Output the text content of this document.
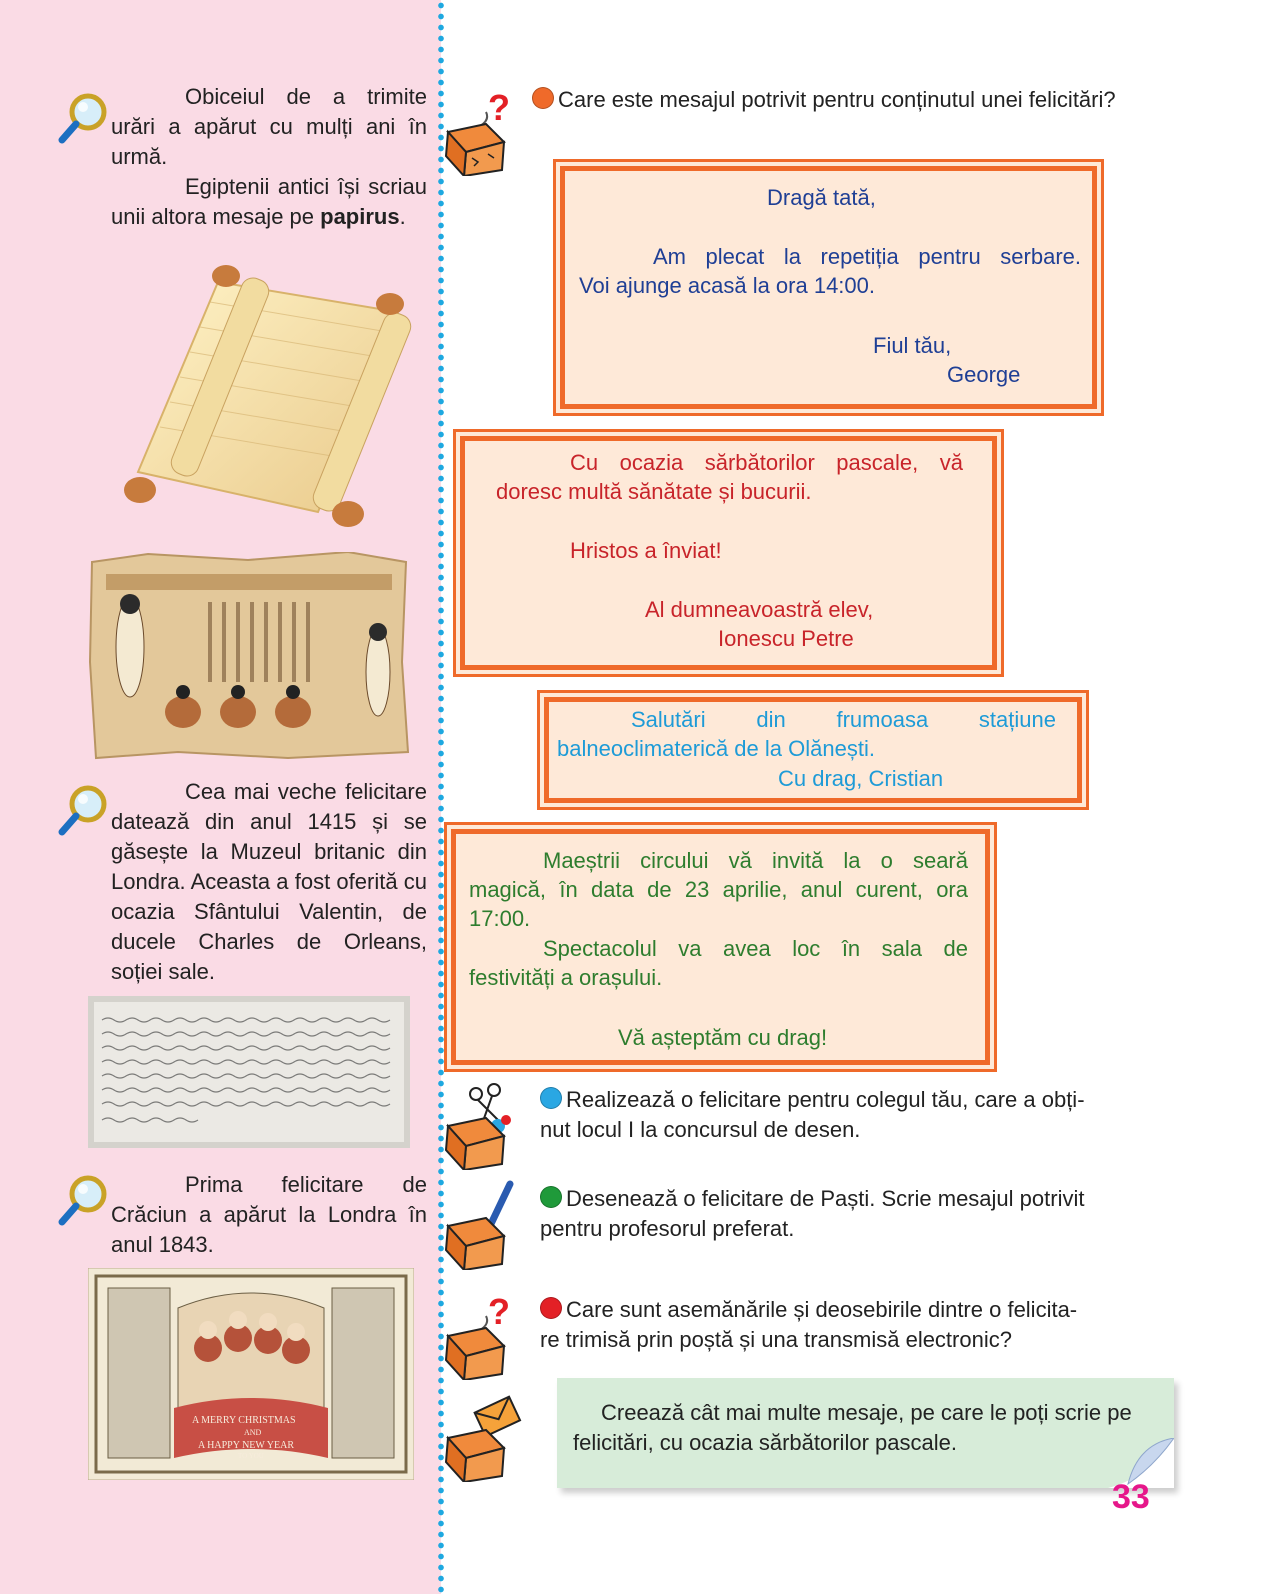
Obiceiul de a trimite urări a apărut cu mulți ani în urmă.

Egiptenii antici își scriau unii altora mesaje pe papirus.

Cea mai veche felicitare datează din anul 1415 și se găsește la Muzeul britanic din Londra. Aceasta a fost oferită cu ocazia Sfântului Valentin, de ducele Charles de Orleans, soției sale.

Prima felicitare de Crăciun a apărut la Londra în anul 1843.

A MERRY CHRISTMAS
AND
A HAPPY NEW YEAR
TO YOU
?	Care este mesajul potrivit pentru conținutul unei felicitări?

Dragă tată,

Am plecat la repetiția pentru serbare.

Voi ajunge acasă la ora 14:00.

Fiul tău,

George

Cu ocazia sărbătorilor pascale, vă

doresc multă sănătate și bucurii.

Hristos a înviat!

Al dumneavoastră elev,

Ionescu Petre

Salutări din frumoasa stațiune

balneoclimaterică de la Olănești.

Cu drag, Cristian

Maeștrii circului vă invită la o seară

magică, în data de 23 aprilie, anul curent, ora

17:00.

Spectacolul va avea loc în sala de

festivități a orașului.

Vă așteptăm cu drag!

Realizează o felicitare pentru colegul tău, care a obți-
nut locul I la concursul de desen.
Desenează o felicitare de Paști. Scrie mesajul potrivit
pentru profesorul preferat.
?	Care sunt asemănările și deosebirile dintre o felicita-
re trimisă prin poștă și una transmisă electronic?
Creează cât mai multe mesaje, pe care le poți scrie pe
felicitări, cu ocazia sărbătorilor pascale.
33
